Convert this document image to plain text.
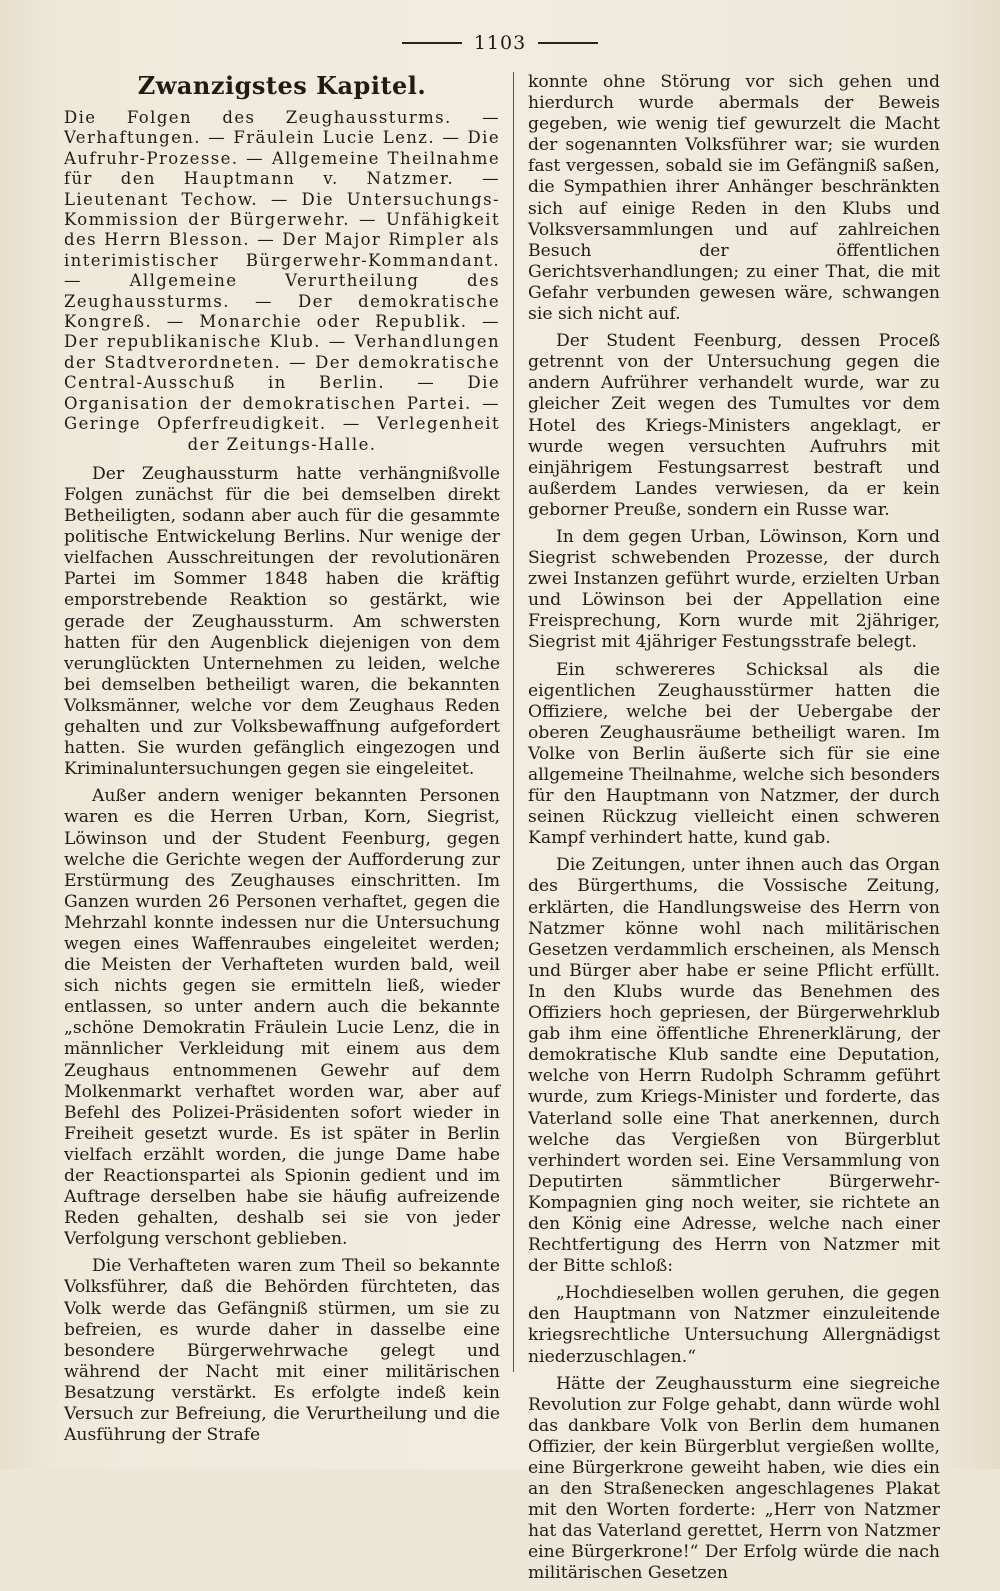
1103
Zwanzigstes Kapitel.
Die Folgen des Zeughaussturms. — Verhaftungen. — Fräulein Lucie Lenz. — Die Aufruhr-Prozesse. — Allgemeine Theilnahme für den Hauptmann v. Natzmer. — Lieutenant Techow. — Die Untersuchungs-Kommission der Bürgerwehr. — Unfähigkeit des Herrn Blesson. — Der Major Rimpler als interimistischer Bürgerwehr-Kommandant. — Allgemeine Verurtheilung des Zeughaussturms. — Der demokratische Kongreß. — Monarchie oder Republik. — Der republikanische Klub. — Verhandlungen der Stadtverordneten. — Der demokratische Central-Ausschuß in Berlin. — Die Organisation der demokratischen Partei. — Geringe Opferfreudigkeit. — Verlegenheit der Zeitungs-Halle.

Der Zeughaussturm hatte verhängnißvolle Folgen zunächst für die bei demselben direkt Betheiligten, sodann aber auch für die gesammte politische Entwickelung Berlins. Nur wenige der vielfachen Ausschreitungen der revolutionären Partei im Sommer 1848 haben die kräftig emporstrebende Reaktion so gestärkt, wie gerade der Zeughaussturm. Am schwersten hatten für den Augenblick diejenigen von dem verunglückten Unternehmen zu leiden, welche bei demselben betheiligt waren, die bekannten Volksmänner, welche vor dem Zeughaus Reden gehalten und zur Volksbewaffnung aufgefordert hatten. Sie wurden gefänglich eingezogen und Kriminaluntersuchungen gegen sie eingeleitet.

Außer andern weniger bekannten Personen waren es die Herren Urban, Korn, Siegrist, Löwinson und der Student Feenburg, gegen welche die Gerichte wegen der Aufforderung zur Erstürmung des Zeughauses einschritten. Im Ganzen wurden 26 Personen verhaftet, gegen die Mehrzahl konnte indessen nur die Untersuchung wegen eines Waffenraubes eingeleitet werden; die Meisten der Verhafteten wurden bald, weil sich nichts gegen sie ermitteln ließ, wieder entlassen, so unter andern auch die bekannte „schöne Demokratin Fräulein Lucie Lenz, die in männlicher Verkleidung mit einem aus dem Zeughaus entnommenen Gewehr auf dem Molkenmarkt verhaftet worden war, aber auf Befehl des Polizei-Präsidenten sofort wieder in Freiheit gesetzt wurde. Es ist später in Berlin vielfach erzählt worden, die junge Dame habe der Reactionspartei als Spionin gedient und im Auftrage derselben habe sie häufig aufreizende Reden gehalten, deshalb sei sie von jeder Verfolgung verschont geblieben.

Die Verhafteten waren zum Theil so bekannte Volksführer, daß die Behörden fürchteten, das Volk werde das Gefängniß stürmen, um sie zu befreien, es wurde daher in dasselbe eine besondere Bürgerwehrwache gelegt und während der Nacht mit einer militärischen Besatzung verstärkt. Es erfolgte indeß kein Versuch zur Befreiung, die Verurtheilung und die Ausführung der Strafe

konnte ohne Störung vor sich gehen und hierdurch wurde abermals der Beweis gegeben, wie wenig tief gewurzelt die Macht der sogenannten Volksführer war; sie wurden fast vergessen, sobald sie im Gefängniß saßen, die Sympathien ihrer Anhänger beschränkten sich auf einige Reden in den Klubs und Volksversammlungen und auf zahlreichen Besuch der öffentlichen Gerichtsverhandlungen; zu einer That, die mit Gefahr verbunden gewesen wäre, schwangen sie sich nicht auf.

Der Student Feenburg, dessen Proceß getrennt von der Untersuchung gegen die andern Aufrührer verhandelt wurde, war zu gleicher Zeit wegen des Tumultes vor dem Hotel des Kriegs-Ministers angeklagt, er wurde wegen versuchten Aufruhrs mit einjährigem Festungsarrest bestraft und außerdem Landes verwiesen, da er kein geborner Preuße, sondern ein Russe war.

In dem gegen Urban, Löwinson, Korn und Siegrist schwebenden Prozesse, der durch zwei Instanzen geführt wurde, erzielten Urban und Löwinson bei der Appellation eine Freisprechung, Korn wurde mit 2jähriger, Siegrist mit 4jähriger Festungsstrafe belegt.

Ein schwereres Schicksal als die eigentlichen Zeughausstürmer hatten die Offiziere, welche bei der Uebergabe der oberen Zeughausräume betheiligt waren. Im Volke von Berlin äußerte sich für sie eine allgemeine Theilnahme, welche sich besonders für den Hauptmann von Natzmer, der durch seinen Rückzug vielleicht einen schweren Kampf verhindert hatte, kund gab.

Die Zeitungen, unter ihnen auch das Organ des Bürgerthums, die Vossische Zeitung, erklärten, die Handlungsweise des Herrn von Natzmer könne wohl nach militärischen Gesetzen verdammlich erscheinen, als Mensch und Bürger aber habe er seine Pflicht erfüllt. In den Klubs wurde das Benehmen des Offiziers hoch gepriesen, der Bürgerwehrklub gab ihm eine öffentliche Ehrenerklärung, der demokratische Klub sandte eine Deputation, welche von Herrn Rudolph Schramm geführt wurde, zum Kriegs-Minister und forderte, das Vaterland solle eine That anerkennen, durch welche das Vergießen von Bürgerblut verhindert worden sei. Eine Versammlung von Deputirten sämmtlicher Bürgerwehr-Kompagnien ging noch weiter, sie richtete an den König eine Adresse, welche nach einer Rechtfertigung des Herrn von Natzmer mit der Bitte schloß:

„Hochdieselben wollen geruhen, die gegen den Hauptmann von Natzmer einzuleitende kriegsrechtliche Untersuchung Allergnädigst niederzuschlagen.“

Hätte der Zeughaussturm eine siegreiche Revolution zur Folge gehabt, dann würde wohl das dankbare Volk von Berlin dem humanen Offizier, der kein Bürgerblut vergießen wollte, eine Bürgerkrone geweiht haben, wie dies ein an den Straßenecken angeschlagenes Plakat mit den Worten forderte: „Herr von Natzmer hat das Vaterland gerettet, Herrn von Natzmer eine Bürgerkrone!“ Der Erfolg würde die nach militärischen Gesetzen
